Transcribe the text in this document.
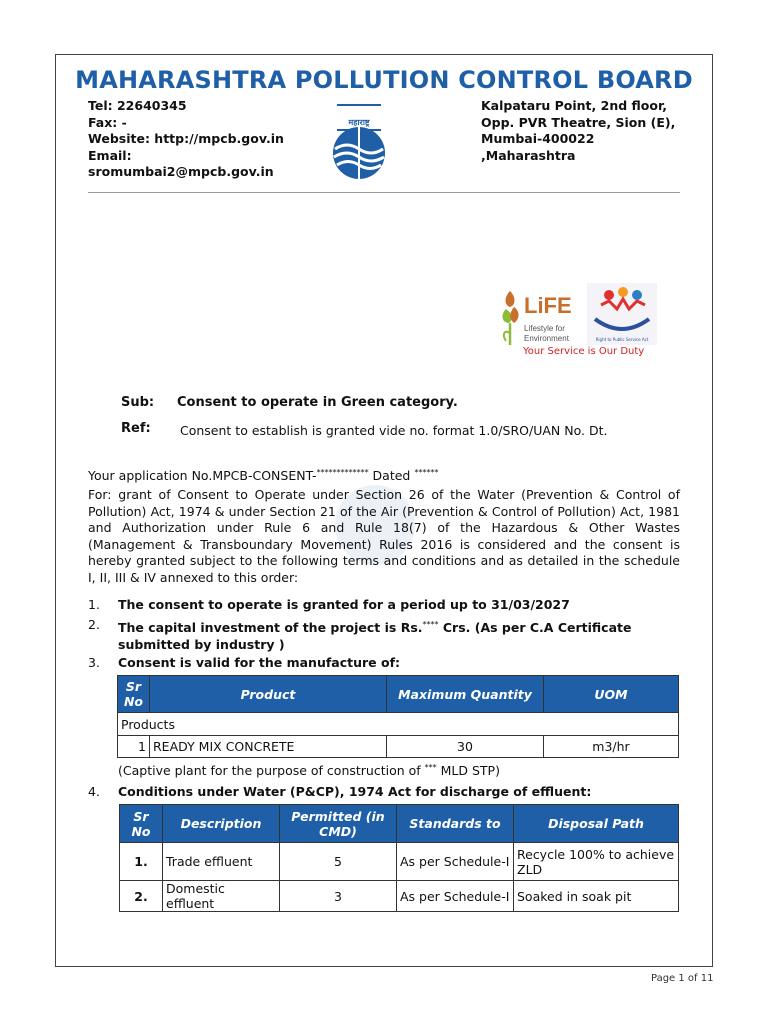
MAHARASHTRA POLLUTION CONTROL BOARD
Tel: 22640345
Fax: -
Website: http://mpcb.gov.in
Email:
sromumbai2@mpcb.gov.in
महाराष्ट्र
Kalpataru Point, 2nd floor,
Opp. PVR Theatre, Sion (E),
Mumbai-400022
,Maharashtra
LiFE
Lifestyle for
Environment	Right to Public Service Act
Your Service is Our Duty
Sub: Consent to operate in Green category.
Ref: Consent to establish is granted vide no. format 1.0/SRO/UAN No. Dt.
Your application No.MPCB-CONSENT-************* Dated ******
For: grant of Consent to Operate under Section 26 of the Water (Prevention & Control of Pollution) Act, 1974 & under Section 21 of the Air (Prevention & Control of Pollution) Act, 1981 and Authorization under Rule 6 and Rule 18(7) of the Hazardous & Other Wastes (Management & Transboundary Movement) Rules 2016 is considered and the consent is hereby granted subject to the following terms and conditions and as detailed in the schedule I, II, III & IV annexed to this order:
1. The consent to operate is granted for a period up to 31/03/2027
2. The capital investment of the project is Rs.**** Crs. (As per C.A Certificate submitted by industry )
3. Consent is valid for the manufacture of:
Sr No	Product	Maximum Quantity	UOM
Products			
1	READY MIX CONCRETE	30	m3/hr
(Captive plant for the purpose of construction of *** MLD STP)
4. Conditions under Water (P&CP), 1974 Act for discharge of effluent:
Sr No	Description	Permitted (in CMD)	Standards to	Disposal Path
1.	Trade effluent	5	As per Schedule-I	Recycle 100% to achieve ZLD
2.	Domestic effluent	3	As per Schedule-I	Soaked in soak pit
Page 1 of 11
